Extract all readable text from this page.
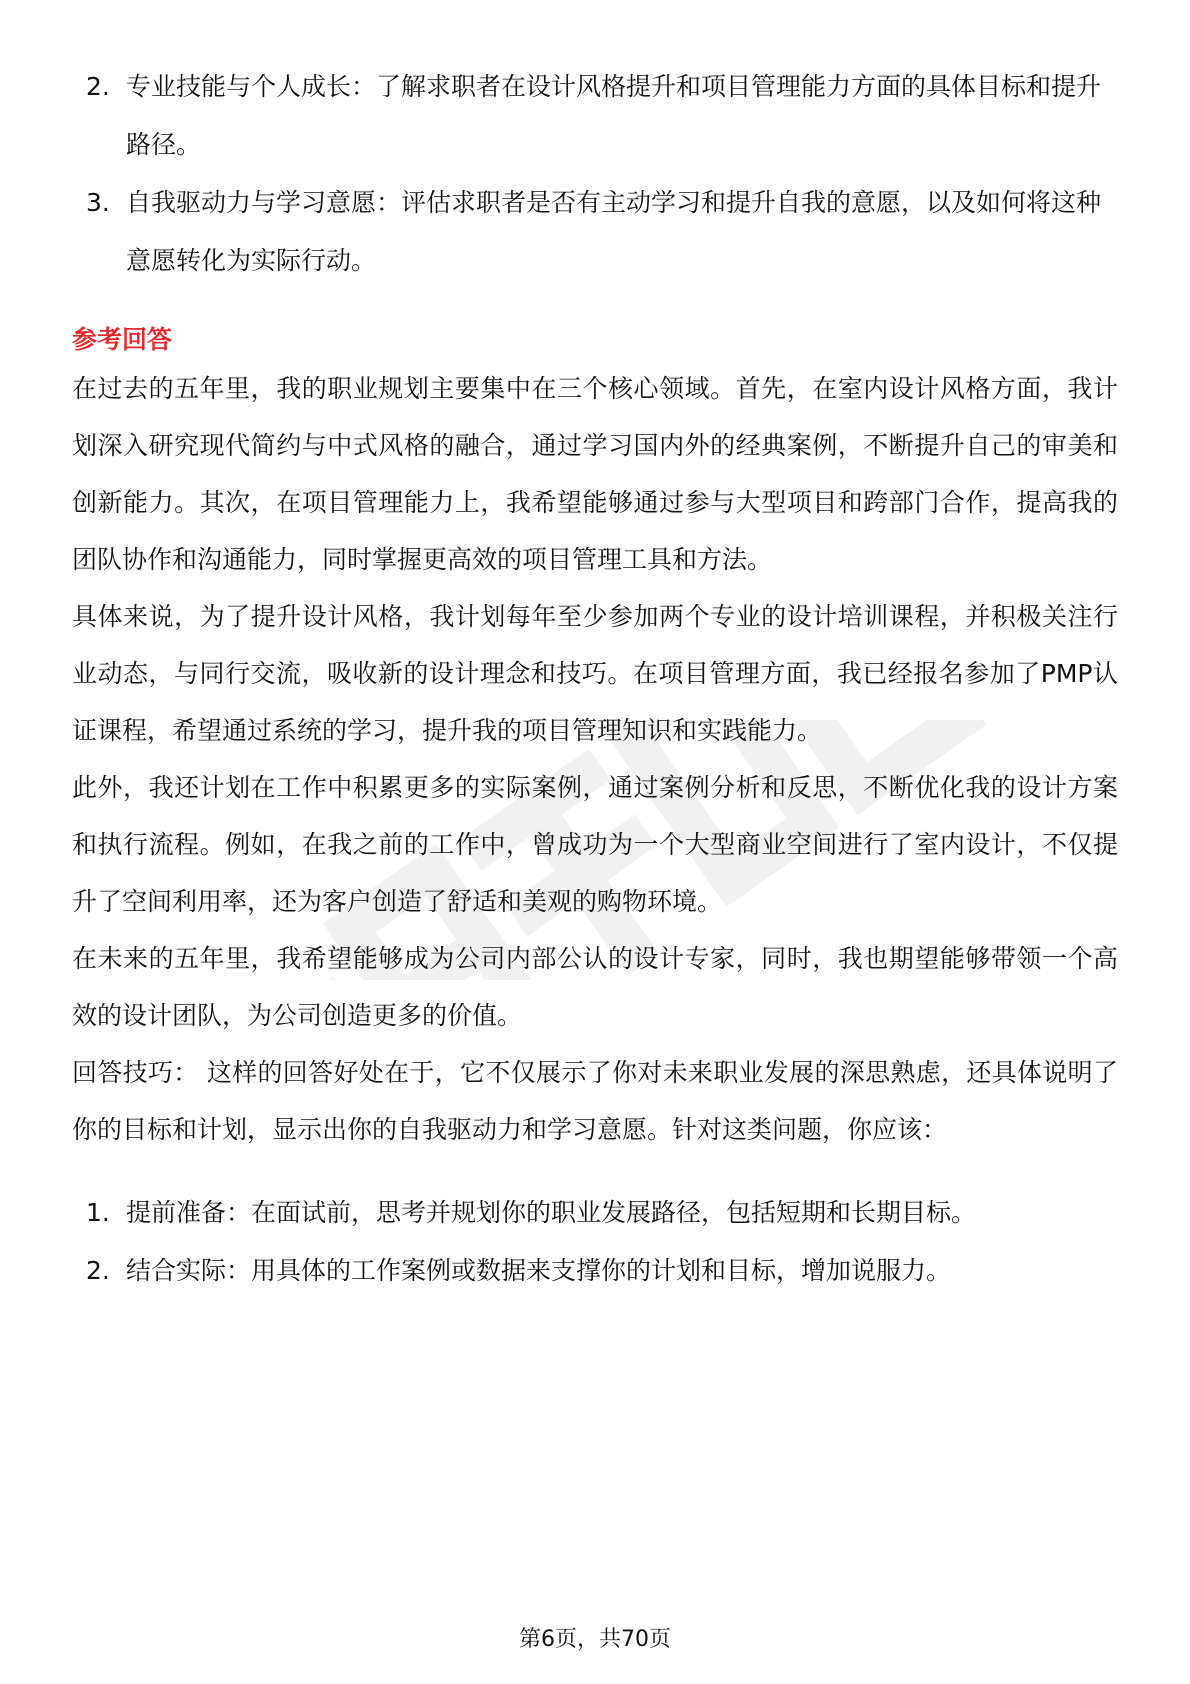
2. 专业技能与个人成长：了解求职者在设计风格提升和项目管理能力方面的具体目标和提升路径。
3. 自我驱动力与学习意愿：评估求职者是否有主动学习和提升自我的意愿，以及如何将这种意愿转化为实际行动。
参考回答

在过去的五年里，我的职业规划主要集中在三个核心领域。首先，在室内设计风格方面，我计划深入研究现代简约与中式风格的融合，通过学习国内外的经典案例，不断提升自己的审美和创新能力。其次，在项目管理能力上，我希望能够通过参与大型项目和跨部门合作，提高我的团队协作和沟通能力，同时掌握更高效的项目管理工具和方法。

具体来说，为了提升设计风格，我计划每年至少参加两个专业的设计培训课程，并积极关注行业动态，与同行交流，吸收新的设计理念和技巧。在项目管理方面，我已经报名参加了PMP认证课程，希望通过系统的学习，提升我的项目管理知识和实践能力。

此外，我还计划在工作中积累更多的实际案例，通过案例分析和反思，不断优化我的设计方案和执行流程。例如，在我之前的工作中，曾成功为一个大型商业空间进行了室内设计，不仅提升了空间利用率，还为客户创造了舒适和美观的购物环境。

在未来的五年里，我希望能够成为公司内部公认的设计专家，同时，我也期望能够带领一个高效的设计团队，为公司创造更多的价值。

回答技巧： 这样的回答好处在于，它不仅展示了你对未来职业发展的深思熟虑，还具体说明了你的目标和计划，显示出你的自我驱动力和学习意愿。针对这类问题，你应该：

1. 提前准备：在面试前，思考并规划你的职业发展路径，包括短期和长期目标。
2. 结合实际：用具体的工作案例或数据来支撑你的计划和目标，增加说服力。
第6页，共70页
